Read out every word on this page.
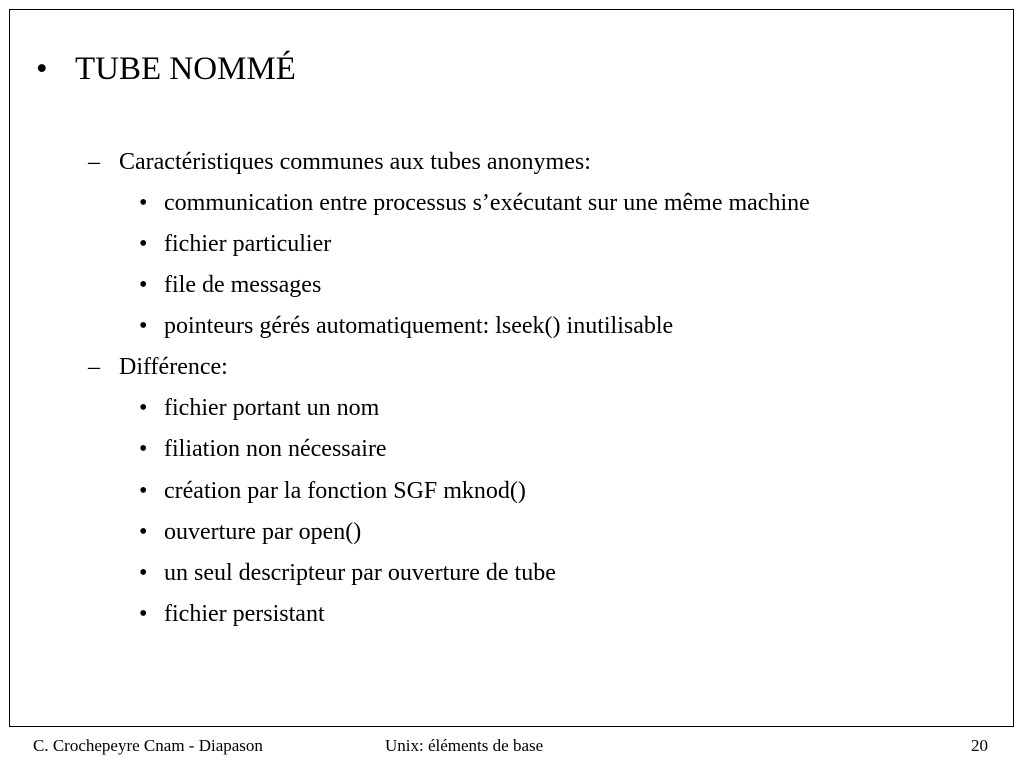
• TUBE NOMMÉ
– Caractéristiques communes aux tubes anonymes:
• communication entre processus s’exécutant sur une même machine
• fichier particulier
• file de messages
• pointeurs gérés automatiquement: lseek() inutilisable
– Différence:
• fichier portant un nom
• filiation non nécessaire
• création par la fonction SGF mknod()
• ouverture par open()
• un seul descripteur par ouverture de tube
• fichier persistant
C. Crochepeyre Cnam - Diapason	Unix: éléments de base	20
